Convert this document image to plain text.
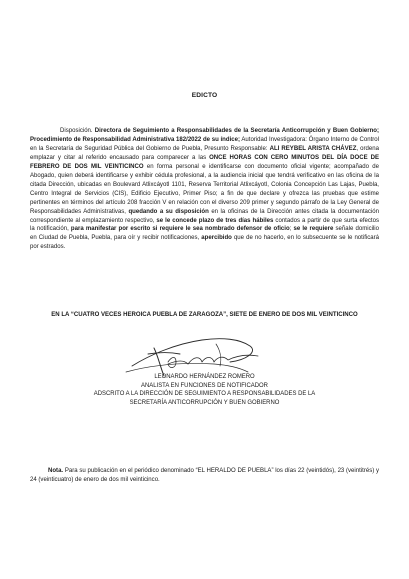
EDICTO
Disposición. Directora de Seguimiento a Responsabilidades de la Secretaría Anticorrupción y Buen Gobierno; Procedimiento de Responsabilidad Administrativa 182/2022 de su índice; Autoridad Investigadora: Órgano Interno de Control en la Secretaría de Seguridad Pública del Gobierno de Puebla, Presunto Responsable: ALI REYBEL ARISTA CHÁVEZ, ordena emplazar y citar al referido encausado para comparecer a las ONCE HORAS CON CERO MINUTOS DEL DÍA DOCE DE FEBRERO DE DOS MIL VEINTICINCO en forma personal e identificarse con documento oficial vigente; acompañado de Abogado, quien deberá identificarse y exhibir cédula profesional, a la audiencia inicial que tendrá verificativo en las oficina de la citada Dirección, ubicadas en Boulevard Atlixcáyotl 1101, Reserva Territorial Atlixcáyotl, Colonia Concepción Las Lajas, Puebla, Centro Integral de Servicios (CIS), Edificio Ejecutivo, Primer Piso; a fin de que declare y ofrezca las pruebas que estime pertinentes en términos del artículo 208 fracción V en relación con el diverso 209 primer y segundo párrafo de la Ley General de Responsabilidades Administrativas, quedando a su disposición en la oficinas de la Dirección antes citada la documentación correspondiente al emplazamiento respectivo, se le concede plazo de tres días hábiles contados a partir de que surta efectos la notificación, para manifestar por escrito si requiere le sea nombrado defensor de oficio; se le requiere señale domicilio en Ciudad de Puebla, Puebla, para oír y recibir notificaciones, apercibido que de no hacerlo, en lo subsecuente se le notificará por estrados.
EN LA “CUATRO VECES HEROICA PUEBLA DE ZARAGOZA”, SIETE DE ENERO DE DOS MIL VEINTICINCO
LEONARDO HERNÁNDEZ ROMERO
ANALISTA EN FUNCIONES DE NOTIFICADOR
ADSCRITO A LA DIRECCIÓN DE SEGUIMIENTO A RESPONSABILIDADES DE LA
SECRETARÍA ANTICORRUPCIÓN Y BUEN GOBIERNO
Nota. Para su publicación en el periódico denominado “EL HERALDO DE PUEBLA” los días 22 (veintidós), 23 (veintitrés) y 24 (veinticuatro) de enero de dos mil veinticinco.
